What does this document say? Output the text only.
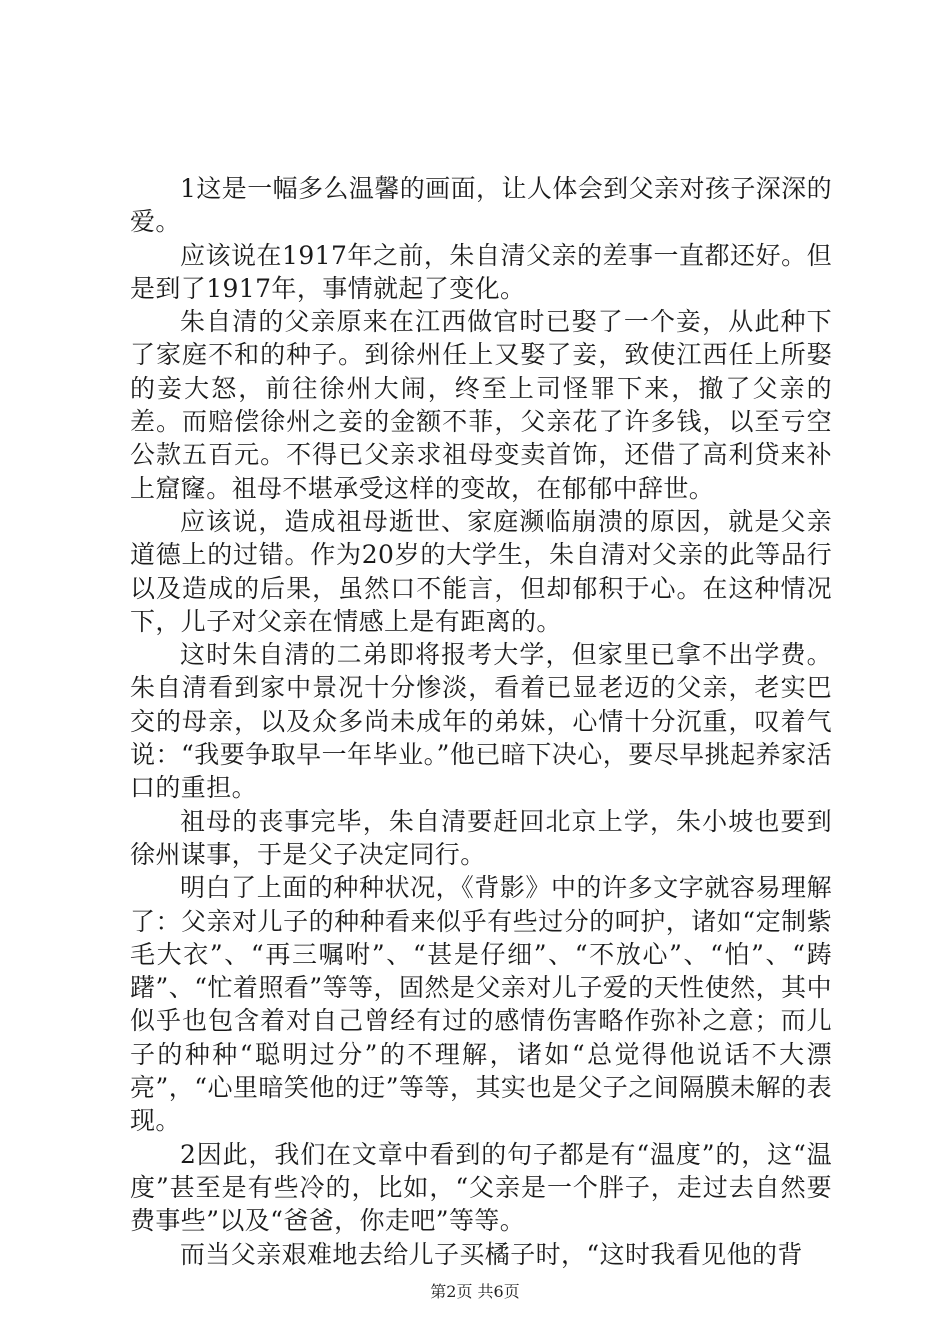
1这是一幅多么温馨的画面，让人体会到父亲对孩子深深的爱。

应该说在1917年之前，朱自清父亲的差事一直都还好。但是到了1917年，事情就起了变化。

朱自清的父亲原来在江西做官时已娶了一个妾，从此种下了家庭不和的种子。到徐州任上又娶了妾，致使江西任上所娶的妾大怒，前往徐州大闹，终至上司怪罪下来，撤了父亲的差。而赔偿徐州之妾的金额不菲，父亲花了许多钱，以至亏空公款五百元。不得已父亲求祖母变卖首饰，还借了高利贷来补上窟窿。祖母不堪承受这样的变故，在郁郁中辞世。

应该说，造成祖母逝世、家庭濒临崩溃的原因，就是父亲道德上的过错。作为20岁的大学生，朱自清对父亲的此等品行以及造成的后果，虽然口不能言，但却郁积于心。在这种情况下，儿子对父亲在情感上是有距离的。

这时朱自清的二弟即将报考大学，但家里已拿不出学费。朱自清看到家中景况十分惨淡，看着已显老迈的父亲，老实巴交的母亲，以及众多尚未成年的弟妹，心情十分沉重，叹着气说：“我要争取早一年毕业。”他已暗下决心，要尽早挑起养家活口的重担。

祖母的丧事完毕，朱自清要赶回北京上学，朱小坡也要到徐州谋事，于是父子决定同行。

明白了上面的种种状况，《背影》中的许多文字就容易理解了：父亲对儿子的种种看来似乎有些过分的呵护，诸如“定制紫毛大衣”、“再三嘱咐”、“甚是仔细”、“不放心”、“怕”、“踌躇”、“忙着照看”等等，固然是父亲对儿子爱的天性使然，其中似乎也包含着对自己曾经有过的感情伤害略作弥补之意；而儿子的种种“聪明过分”的不理解，诸如“总觉得他说话不大漂亮”，“心里暗笑他的迂”等等，其实也是父子之间隔膜未解的表现。

2因此，我们在文章中看到的句子都是有“温度”的，这“温度”甚至是有些冷的，比如，“父亲是一个胖子，走过去自然要费事些”以及“爸爸，你走吧”等等。

而当父亲艰难地去给儿子买橘子时，“这时我看见他的背

第2页 共6页
